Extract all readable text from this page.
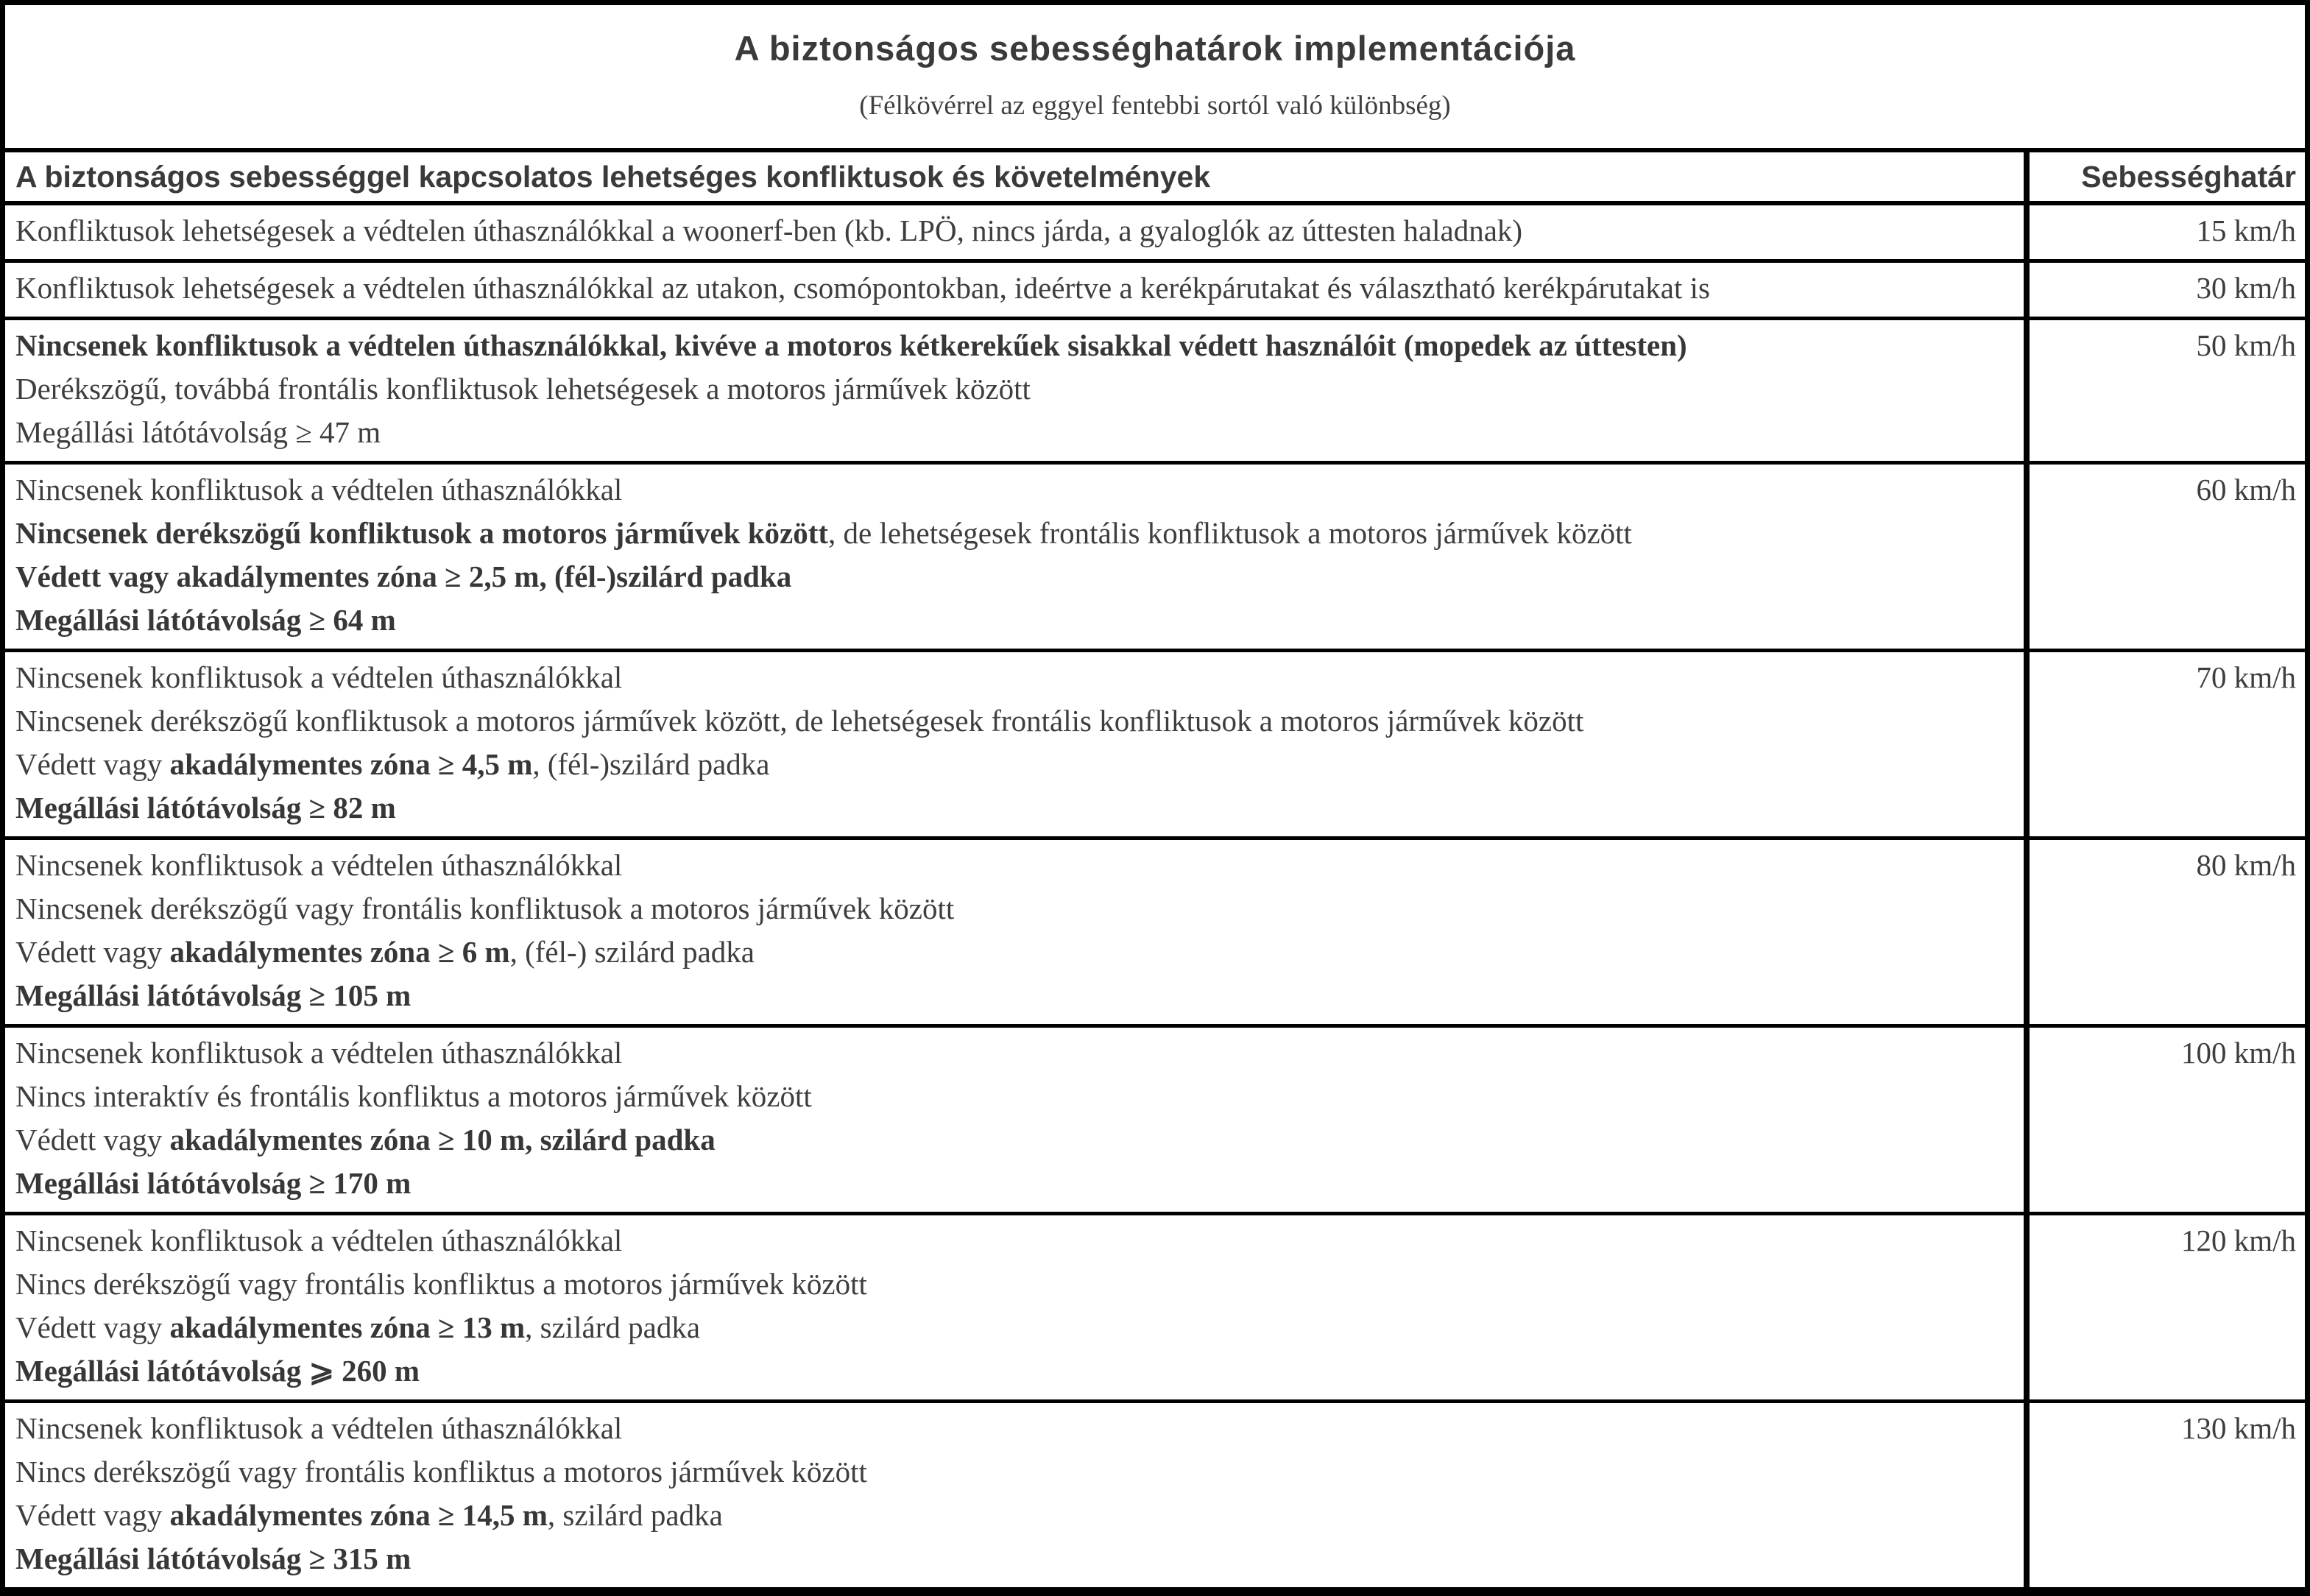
A biztonságos sebességhatárok implementációja

(Félkövérrel az eggyel fentebbi sortól való különbség)

A biztonságos sebességgel kapcsolatos lehetséges konfliktusok és követelmények	Sebességhatár

Konfliktusok lehetségesek a védtelen úthasználókkal a woonerf-ben (kb. LPÖ, nincs járda, a gyaloglók az úttesten haladnak)	15 km/h

Konfliktusok lehetségesek a védtelen úthasználókkal az utakon, csomópontokban, ideértve a kerékpárutakat és választható kerékpárutakat is	30 km/h

Nincsenek konfliktusok a védtelen úthasználókkal, kivéve a motoros kétkerekűek sisakkal védett használóit (mopedek az úttesten)

Derékszögű, továbbá frontális konfliktusok lehetségesek a motoros járművek között

Megállási látótávolság ≥ 47 m	50 km/h

Nincsenek konfliktusok a védtelen úthasználókkal

Nincsenek derékszögű konfliktusok a motoros járművek között, de lehetségesek frontális konfliktusok a motoros járművek között

Védett vagy akadálymentes zóna ≥ 2,5 m, (fél-)szilárd padka

Megállási látótávolság ≥ 64 m	60 km/h

Nincsenek konfliktusok a védtelen úthasználókkal

Nincsenek derékszögű konfliktusok a motoros járművek között, de lehetségesek frontális konfliktusok a motoros járművek között

Védett vagy akadálymentes zóna ≥ 4,5 m, (fél-)szilárd padka

Megállási látótávolság ≥ 82 m	70 km/h

Nincsenek konfliktusok a védtelen úthasználókkal

Nincsenek derékszögű vagy frontális konfliktusok a motoros járművek között

Védett vagy akadálymentes zóna ≥ 6 m, (fél-) szilárd padka

Megállási látótávolság ≥ 105 m	80 km/h

Nincsenek konfliktusok a védtelen úthasználókkal

Nincs interaktív és frontális konfliktus a motoros járművek között

Védett vagy akadálymentes zóna ≥ 10 m, szilárd padka

Megállási látótávolság ≥ 170 m	100 km/h

Nincsenek konfliktusok a védtelen úthasználókkal

Nincs derékszögű vagy frontális konfliktus a motoros járművek között

Védett vagy akadálymentes zóna ≥ 13 m, szilárd padka

Megállási látótávolság ⩾ 260 m	120 km/h

Nincsenek konfliktusok a védtelen úthasználókkal

Nincs derékszögű vagy frontális konfliktus a motoros járművek között

Védett vagy akadálymentes zóna ≥ 14,5 m, szilárd padka

Megállási látótávolság ≥ 315 m	130 km/h
